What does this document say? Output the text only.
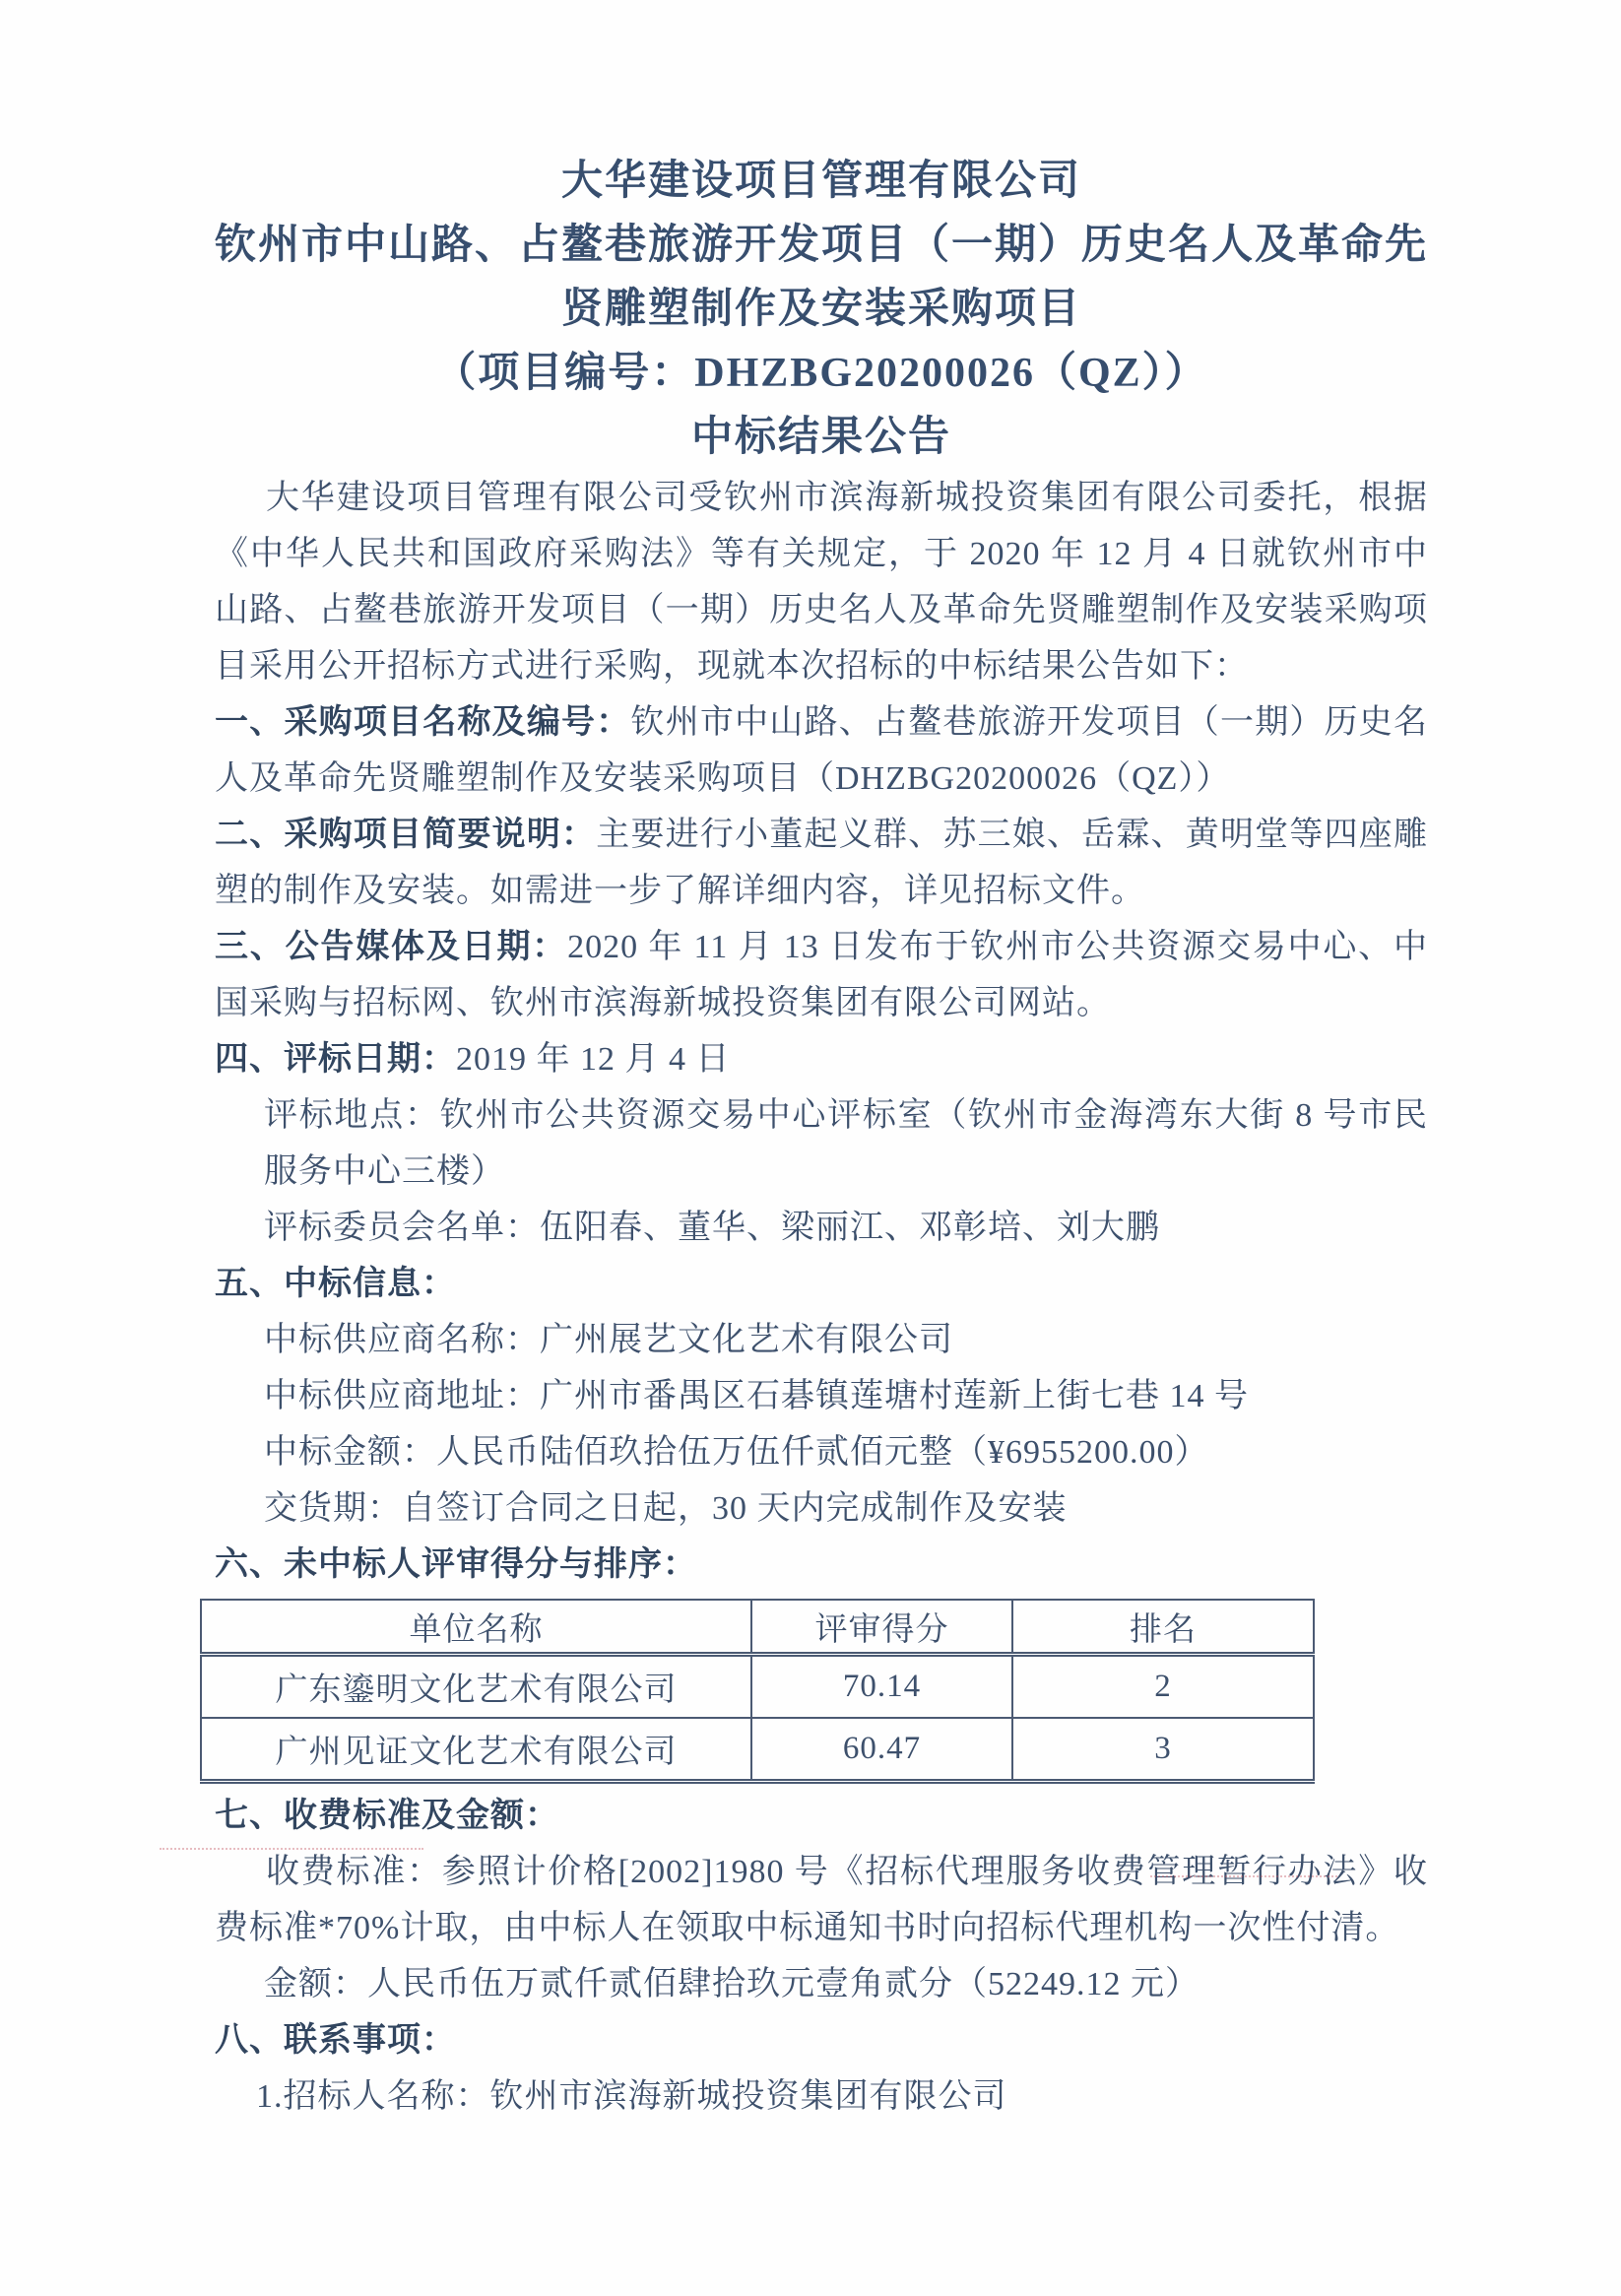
大华建设项目管理有限公司
钦州市中山路、占鳌巷旅游开发项目（一期）历史名人及革命先
贤雕塑制作及安装采购项目
（项目编号：DHZBG20200026（QZ））
中标结果公告

大华建设项目管理有限公司受钦州市滨海新城投资集团有限公司委托，根据《中华人民共和国政府采购法》等有关规定，于 2020 年 12 月 4 日就钦州市中山路、占鳌巷旅游开发项目（一期）历史名人及革命先贤雕塑制作及安装采购项目采用公开招标方式进行采购，现就本次招标的中标结果公告如下：

一、采购项目名称及编号：钦州市中山路、占鳌巷旅游开发项目（一期）历史名人及革命先贤雕塑制作及安装采购项目（DHZBG20200026（QZ））

二、采购项目简要说明：主要进行小董起义群、苏三娘、岳霖、黄明堂等四座雕塑的制作及安装。如需进一步了解详细内容，详见招标文件。

三、公告媒体及日期：2020 年 11 月 13 日发布于钦州市公共资源交易中心、中国采购与招标网、钦州市滨海新城投资集团有限公司网站。

四、评标日期：2019 年 12 月 4 日

评标地点：钦州市公共资源交易中心评标室（钦州市金海湾东大街 8 号市民服务中心三楼）

评标委员会名单：伍阳春、董华、梁丽江、邓彰培、刘大鹏

五、中标信息：

中标供应商名称：广州展艺文化艺术有限公司

中标供应商地址：广州市番禺区石碁镇莲塘村莲新上街七巷 14 号

中标金额：人民币陆佰玖拾伍万伍仟贰佰元整（¥6955200.00）

交货期：自签订合同之日起，30 天内完成制作及安装

六、未中标人评审得分与排序：

单位名称	评审得分	排名
广东鎏明文化艺术有限公司	70.14	2
广州见证文化艺术有限公司	60.47	3

七、收费标准及金额：

收费标准：参照计价格[2002]1980 号《招标代理服务收费管理暂行办法》收费标准*70%计取，由中标人在领取中标通知书时向招标代理机构一次性付清。

金额：人民币伍万贰仟贰佰肆拾玖元壹角贰分（52249.12 元）

八、联系事项：

1.招标人名称：钦州市滨海新城投资集团有限公司
